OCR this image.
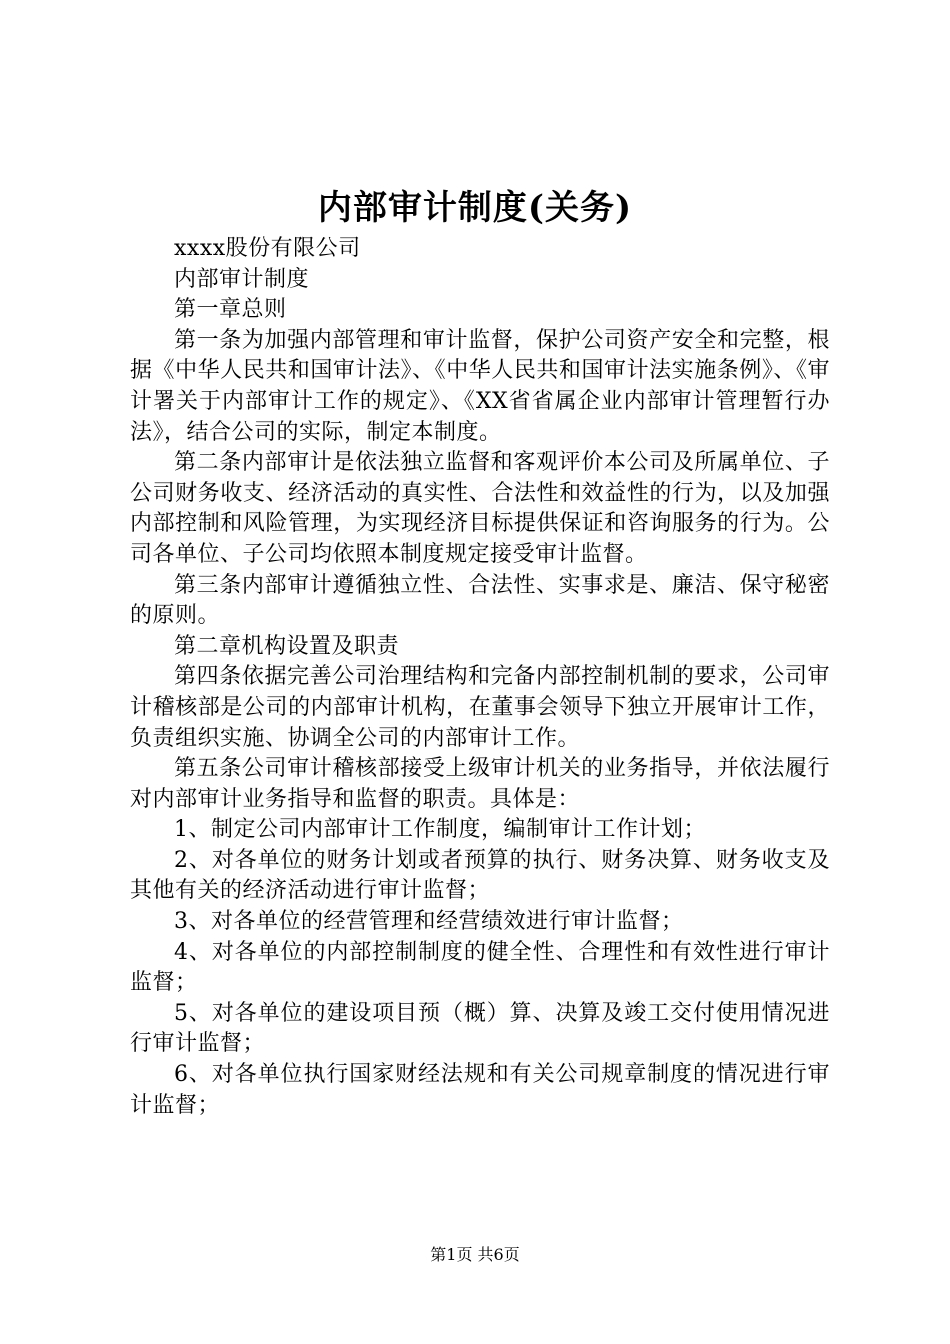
内部审计制度(关务)

xxxx股份有限公司

内部审计制度

第一章总则

第一条为加强内部管理和审计监督，保护公司资产安全和完整，根据《中华人民共和国审计法》、《中华人民共和国审计法实施条例》、《审计署关于内部审计工作的规定》、《XX省省属企业内部审计管理暂行办法》，结合公司的实际，制定本制度。

第二条内部审计是依法独立监督和客观评价本公司及所属单位、子公司财务收支、经济活动的真实性、合法性和效益性的行为，以及加强内部控制和风险管理，为实现经济目标提供保证和咨询服务的行为。公司各单位、子公司均依照本制度规定接受审计监督。

第三条内部审计遵循独立性、合法性、实事求是、廉洁、保守秘密的原则。

第二章机构设置及职责

第四条依据完善公司治理结构和完备内部控制机制的要求，公司审计稽核部是公司的内部审计机构，在董事会领导下独立开展审计工作，负责组织实施、协调全公司的内部审计工作。

第五条公司审计稽核部接受上级审计机关的业务指导，并依法履行对内部审计业务指导和监督的职责。具体是：

1、制定公司内部审计工作制度，编制审计工作计划；

2、对各单位的财务计划或者预算的执行、财务决算、财务收支及其他有关的经济活动进行审计监督；

3、对各单位的经营管理和经营绩效进行审计监督；

4、对各单位的内部控制制度的健全性、合理性和有效性进行审计监督；

5、对各单位的建设项目预（概）算、决算及竣工交付使用情况进行审计监督；

6、对各单位执行国家财经法规和有关公司规章制度的情况进行审计监督；

第1页 共6页
